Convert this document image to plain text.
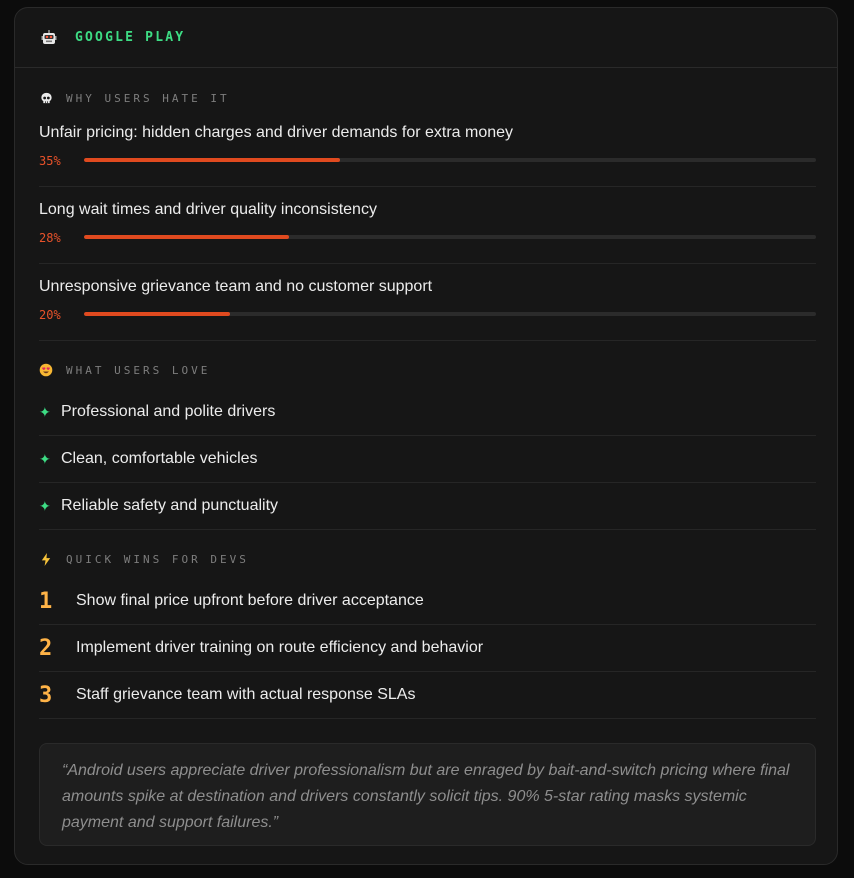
GOOGLE PLAY
WHY USERS HATE IT
Unfair pricing: hidden charges and driver demands for extra money
35%
Long wait times and driver quality inconsistency
28%
Unresponsive grievance team and no customer support
20%
WHAT USERS LOVE
✦ Professional and polite drivers
✦ Clean, comfortable vehicles
✦ Reliable safety and punctuality
QUICK WINS FOR DEVS
1	Show final price upfront before driver acceptance
2	Implement driver training on route efficiency and behavior
3	Staff grievance team with actual response SLAs
“Android users appreciate driver professionalism but are enraged by bait-and-switch pricing where final amounts spike at destination and drivers constantly solicit tips. 90% 5-star rating masks systemic payment and support failures.”
